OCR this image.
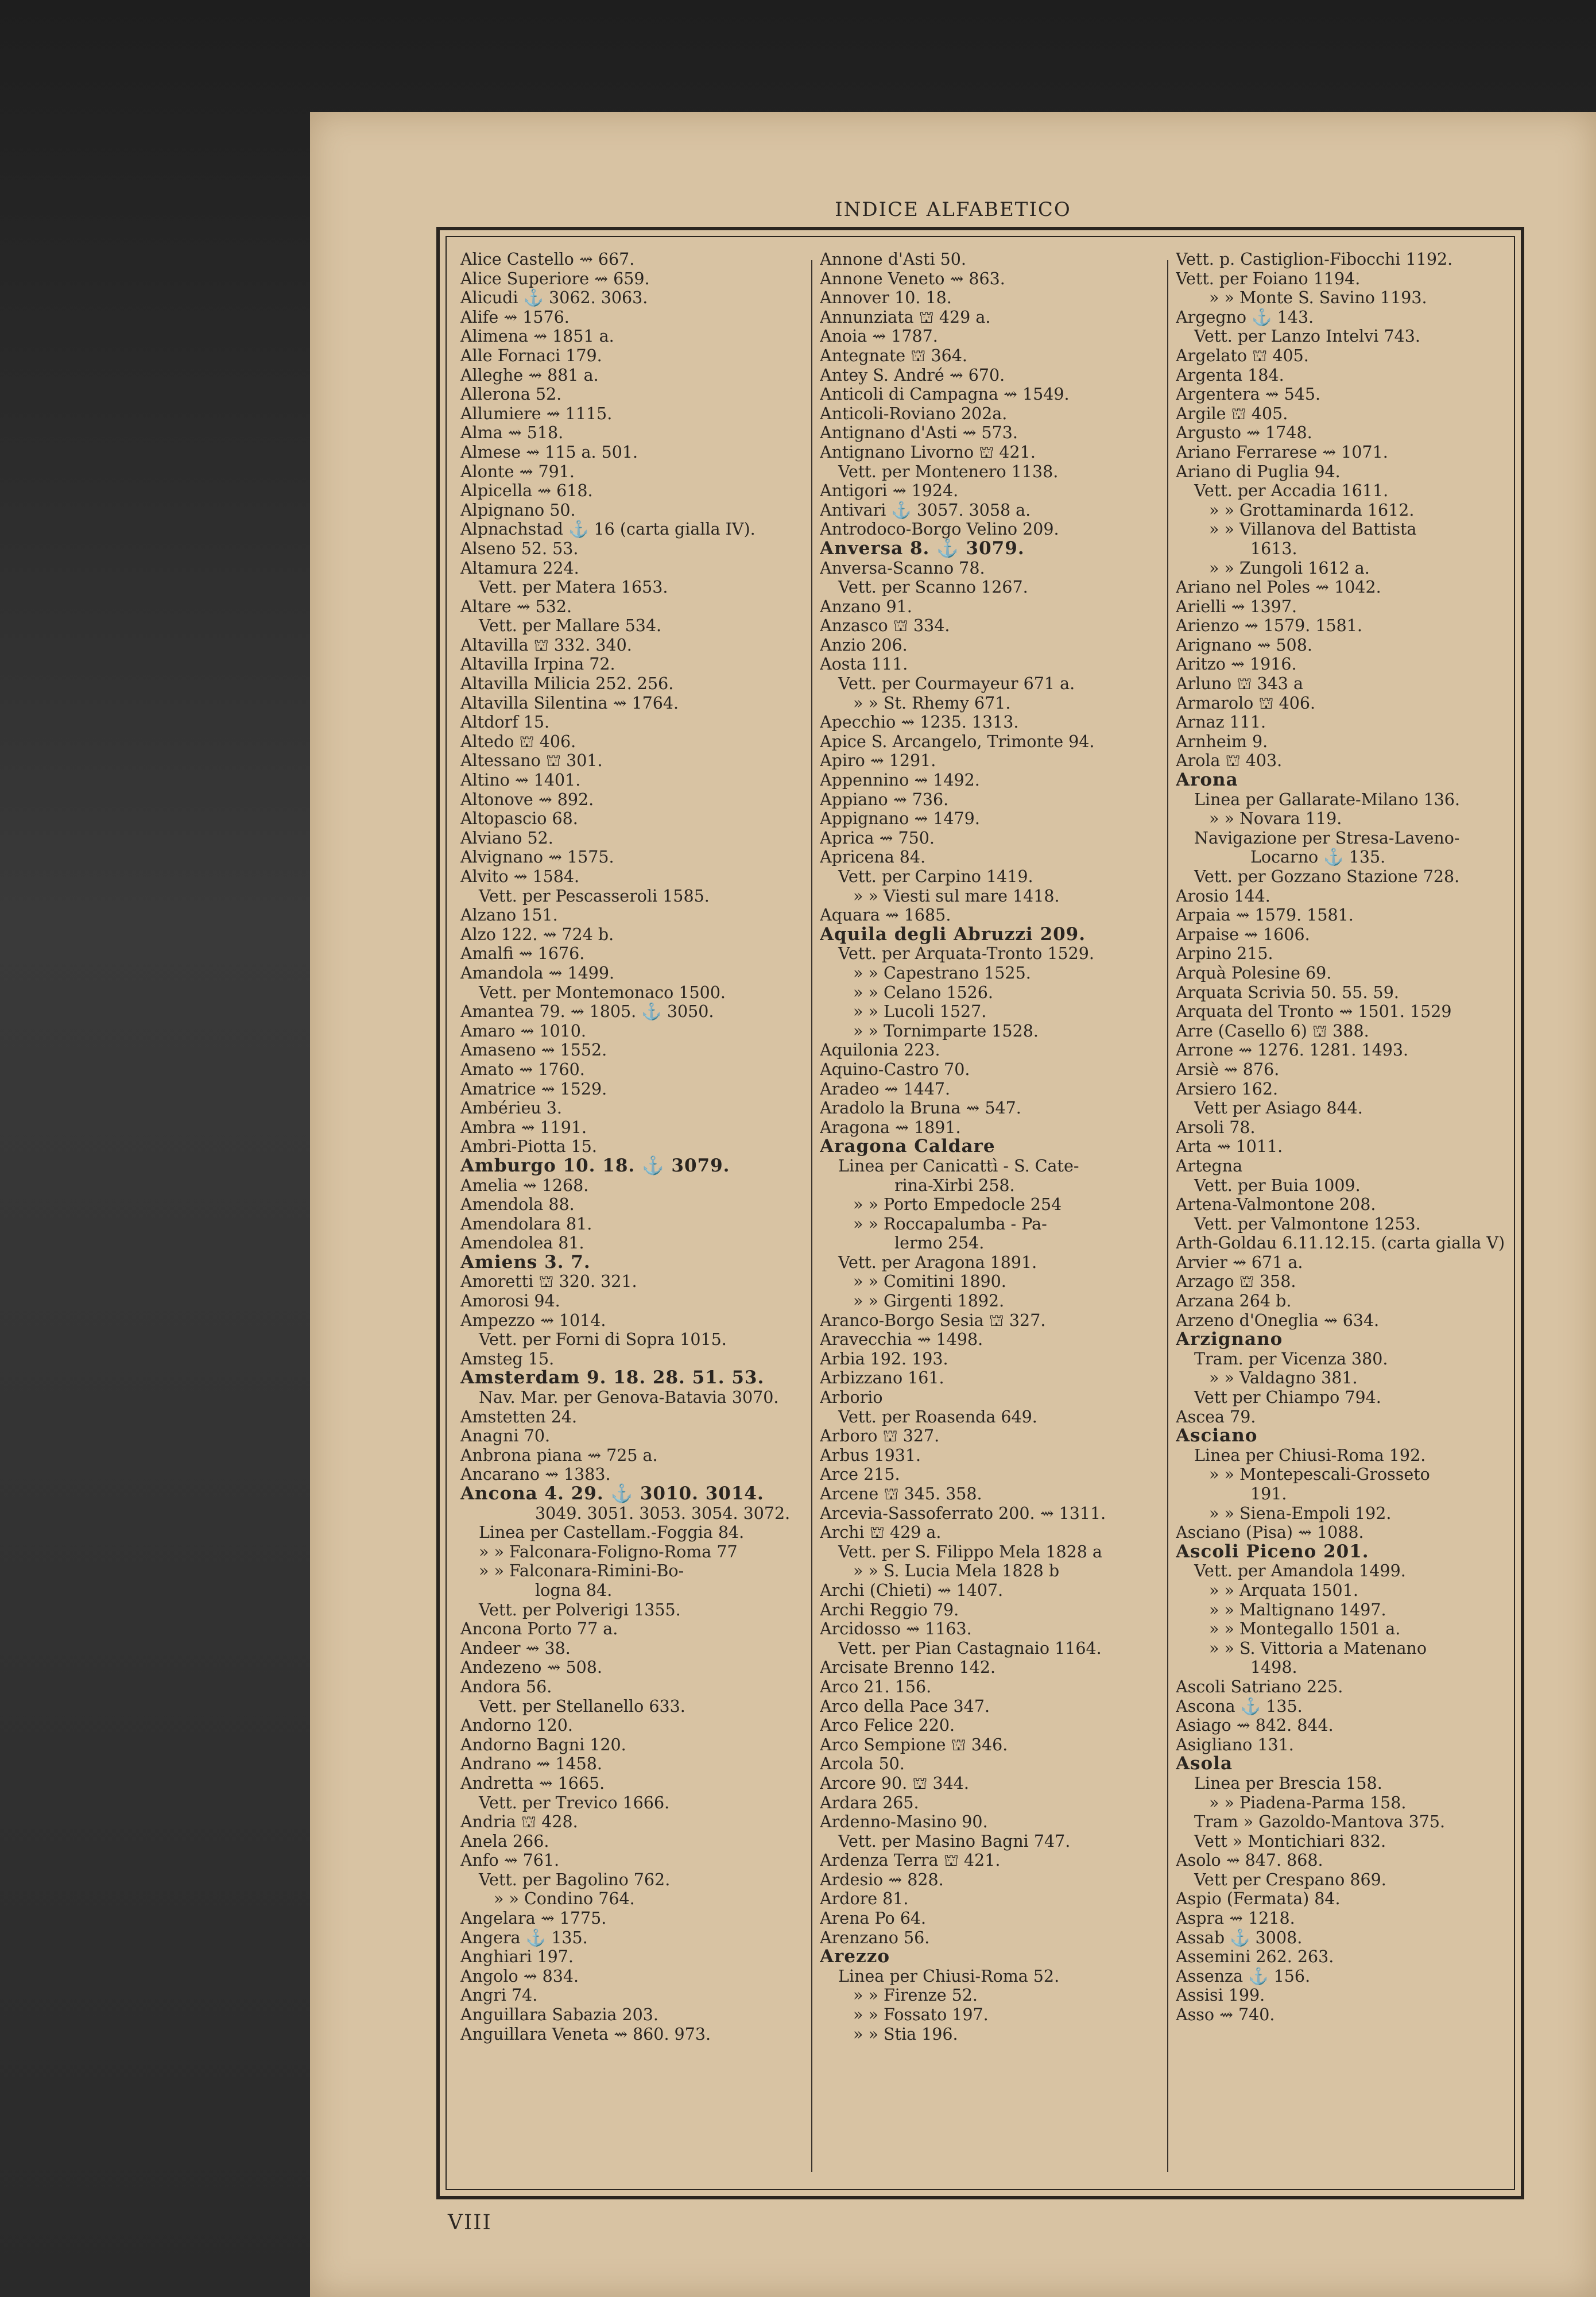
INDICE ALFABETICO
Alice Castello ⇝ 667.
Alice Superiore ⇝ 659.
Alicudi ⚓ 3062. 3063.
Alife ⇝ 1576.
Alimena ⇝ 1851 a.
Alle Fornaci 179.
Alleghe ⇝ 881 a.
Allerona 52.
Allumiere ⇝ 1115.
Alma ⇝ 518.
Almese ⇝ 115 a. 501.
Alonte ⇝ 791.
Alpicella ⇝ 618.
Alpignano 50.
Alpnachstad ⚓ 16 (carta gialla IV).
Alseno 52. 53.
Altamura 224.
Vett. per Matera 1653.
Altare ⇝ 532.
Vett. per Mallare 534.
Altavilla ⛫ 332. 340.
Altavilla Irpina 72.
Altavilla Milicia 252. 256.
Altavilla Silentina ⇝ 1764.
Altdorf 15.
Altedo ⛫ 406.
Altessano ⛫ 301.
Altino ⇝ 1401.
Altonove ⇝ 892.
Altopascio 68.
Alviano 52.
Alvignano ⇝ 1575.
Alvito ⇝ 1584.
Vett. per Pescasseroli 1585.
Alzano 151.
Alzo 122. ⇝ 724 b.
Amalfi ⇝ 1676.
Amandola ⇝ 1499.
Vett. per Montemonaco 1500.
Amantea 79. ⇝ 1805. ⚓ 3050.
Amaro ⇝ 1010.
Amaseno ⇝ 1552.
Amato ⇝ 1760.
Amatrice ⇝ 1529.
Ambérieu 3.
Ambra ⇝ 1191.
Ambri-Piotta 15.
Amburgo 10. 18. ⚓ 3079.
Amelia ⇝ 1268.
Amendola 88.
Amendolara 81.
Amendolea 81.
Amiens 3. 7.
Amoretti ⛫ 320. 321.
Amorosi 94.
Ampezzo ⇝ 1014.
Vett. per Forni di Sopra 1015.
Amsteg 15.
Amsterdam 9. 18. 28. 51. 53.
Nav. Mar. per Genova-Batavia 3070.
Amstetten 24.
Anagni 70.
Anbrona piana ⇝ 725 a.
Ancarano ⇝ 1383.
Ancona 4. 29. ⚓ 3010. 3014.
3049. 3051. 3053. 3054. 3072.
Linea per Castellam.-Foggia 84.
» » Falconara-Foligno-Roma 77
» » Falconara-Rimini-Bo-
logna 84.
Vett. per Polverigi 1355.
Ancona Porto 77 a.
Andeer ⇝ 38.
Andezeno ⇝ 508.
Andora 56.
Vett. per Stellanello 633.
Andorno 120.
Andorno Bagni 120.
Andrano ⇝ 1458.
Andretta ⇝ 1665.
Vett. per Trevico 1666.
Andria ⛫ 428.
Anela 266.
Anfo ⇝ 761.
Vett. per Bagolino 762.
» » Condino 764.
Angelara ⇝ 1775.
Angera ⚓ 135.
Anghiari 197.
Angolo ⇝ 834.
Angri 74.
Anguillara Sabazia 203.
Anguillara Veneta ⇝ 860. 973.
Annone d'Asti 50.
Annone Veneto ⇝ 863.
Annover 10. 18.
Annunziata ⛫ 429 a.
Anoia ⇝ 1787.
Antegnate ⛫ 364.
Antey S. André ⇝ 670.
Anticoli di Campagna ⇝ 1549.
Anticoli-Roviano 202a.
Antignano d'Asti ⇝ 573.
Antignano Livorno ⛫ 421.
Vett. per Montenero 1138.
Antigori ⇝ 1924.
Antivari ⚓ 3057. 3058 a.
Antrodoco-Borgo Velino 209.
Anversa 8. ⚓ 3079.
Anversa-Scanno 78.
Vett. per Scanno 1267.
Anzano 91.
Anzasco ⛫ 334.
Anzio 206.
Aosta 111.
Vett. per Courmayeur 671 a.
» » St. Rhemy 671.
Apecchio ⇝ 1235. 1313.
Apice S. Arcangelo, Trimonte 94.
Apiro ⇝ 1291.
Appennino ⇝ 1492.
Appiano ⇝ 736.
Appignano ⇝ 1479.
Aprica ⇝ 750.
Apricena 84.
Vett. per Carpino 1419.
» » Viesti sul mare 1418.
Aquara ⇝ 1685.
Aquila degli Abruzzi 209.
Vett. per Arquata-Tronto 1529.
» » Capestrano 1525.
» » Celano 1526.
» » Lucoli 1527.
» » Tornimparte 1528.
Aquilonia 223.
Aquino-Castro 70.
Aradeo ⇝ 1447.
Aradolo la Bruna ⇝ 547.
Aragona ⇝ 1891.
Aragona Caldare
Linea per Canicattì - S. Cate-
rina-Xirbi 258.
» » Porto Empedocle 254
» » Roccapalumba - Pa-
lermo 254.
Vett. per Aragona 1891.
» » Comitini 1890.
» » Girgenti 1892.
Aranco-Borgo Sesia ⛫ 327.
Aravecchia ⇝ 1498.
Arbia 192. 193.
Arbizzano 161.
Arborio
Vett. per Roasenda 649.
Arboro ⛫ 327.
Arbus 1931.
Arce 215.
Arcene ⛫ 345. 358.
Arcevia-Sassoferrato 200. ⇝ 1311.
Archi ⛫ 429 a.
Vett. per S. Filippo Mela 1828 a
» » S. Lucia Mela 1828 b
Archi (Chieti) ⇝ 1407.
Archi Reggio 79.
Arcidosso ⇝ 1163.
Vett. per Pian Castagnaio 1164.
Arcisate Brenno 142.
Arco 21. 156.
Arco della Pace 347.
Arco Felice 220.
Arco Sempione ⛫ 346.
Arcola 50.
Arcore 90. ⛫ 344.
Ardara 265.
Ardenno-Masino 90.
Vett. per Masino Bagni 747.
Ardenza Terra ⛫ 421.
Ardesio ⇝ 828.
Ardore 81.
Arena Po 64.
Arenzano 56.
Arezzo
Linea per Chiusi-Roma 52.
» » Firenze 52.
» » Fossato 197.
» » Stia 196.
Vett. p. Castiglion-Fibocchi 1192.
Vett. per Foiano 1194.
» » Monte S. Savino 1193.
Argegno ⚓ 143.
Vett. per Lanzo Intelvi 743.
Argelato ⛫ 405.
Argenta 184.
Argentera ⇝ 545.
Argile ⛫ 405.
Argusto ⇝ 1748.
Ariano Ferrarese ⇝ 1071.
Ariano di Puglia 94.
Vett. per Accadia 1611.
» » Grottaminarda 1612.
» » Villanova del Battista
1613.
» » Zungoli 1612 a.
Ariano nel Poles ⇝ 1042.
Arielli ⇝ 1397.
Arienzo ⇝ 1579. 1581.
Arignano ⇝ 508.
Aritzo ⇝ 1916.
Arluno ⛫ 343 a
Armarolo ⛫ 406.
Arnaz 111.
Arnheim 9.
Arola ⛫ 403.
Arona
Linea per Gallarate-Milano 136.
» » Novara 119.
Navigazione per Stresa-Laveno-
Locarno ⚓ 135.
Vett. per Gozzano Stazione 728.
Arosio 144.
Arpaia ⇝ 1579. 1581.
Arpaise ⇝ 1606.
Arpino 215.
Arquà Polesine 69.
Arquata Scrivia 50. 55. 59.
Arquata del Tronto ⇝ 1501. 1529
Arre (Casello 6) ⛫ 388.
Arrone ⇝ 1276. 1281. 1493.
Arsiè ⇝ 876.
Arsiero 162.
Vett per Asiago 844.
Arsoli 78.
Arta ⇝ 1011.
Artegna
Vett. per Buia 1009.
Artena-Valmontone 208.
Vett. per Valmontone 1253.
Arth-Goldau 6.11.12.15. (carta gialla V)
Arvier ⇝ 671 a.
Arzago ⛫ 358.
Arzana 264 b.
Arzeno d'Oneglia ⇝ 634.
Arzignano
Tram. per Vicenza 380.
» » Valdagno 381.
Vett per Chiampo 794.
Ascea 79.
Asciano
Linea per Chiusi-Roma 192.
» » Montepescali-Grosseto
191.
» » Siena-Empoli 192.
Asciano (Pisa) ⇝ 1088.
Ascoli Piceno 201.
Vett. per Amandola 1499.
» » Arquata 1501.
» » Maltignano 1497.
» » Montegallo 1501 a.
» » S. Vittoria a Matenano
1498.
Ascoli Satriano 225.
Ascona ⚓ 135.
Asiago ⇝ 842. 844.
Asigliano 131.
Asola
Linea per Brescia 158.
» » Piadena-Parma 158.
Tram » Gazoldo-Mantova 375.
Vett » Montichiari 832.
Asolo ⇝ 847. 868.
Vett per Crespano 869.
Aspio (Fermata) 84.
Aspra ⇝ 1218.
Assab ⚓ 3008.
Assemini 262. 263.
Assenza ⚓ 156.
Assisi 199.
Asso ⇝ 740.
VIII
